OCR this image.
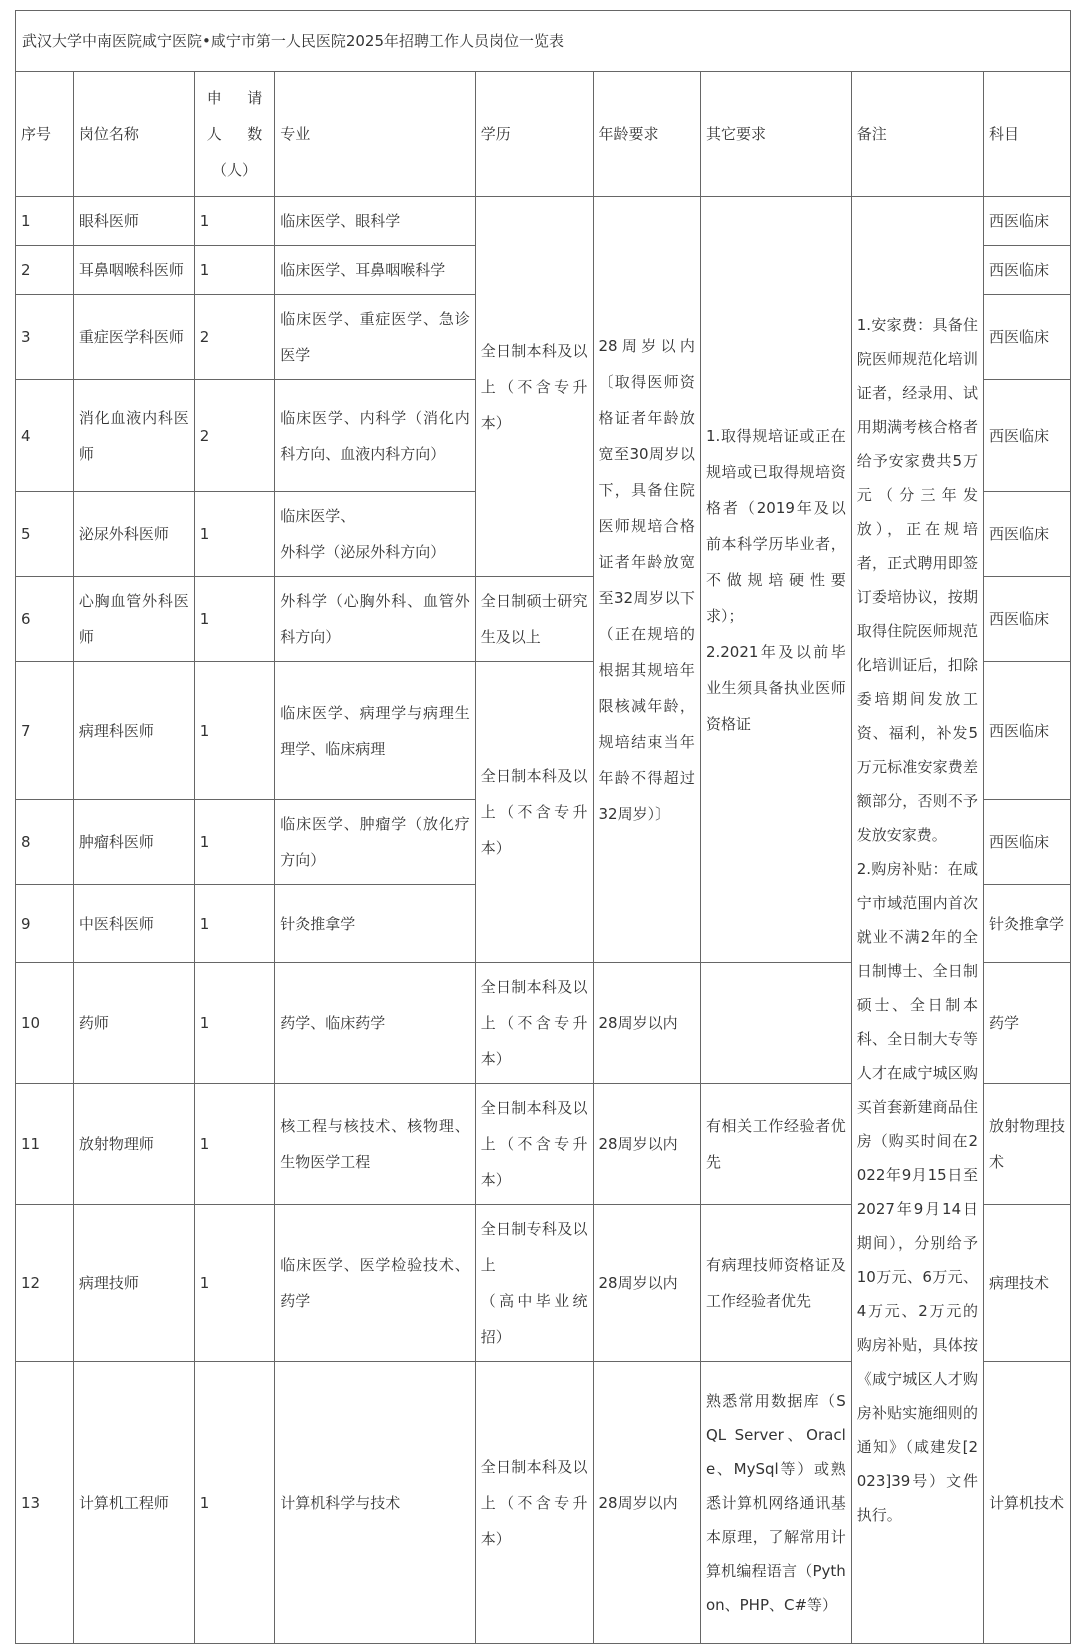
武汉大学中南医院咸宁医院•咸宁市第一人民医院2025年招聘工作人员岗位一览表								
序号	岗位名称	申请
人 数
（人）	专业	学历	年龄要求	其它要求	备注	科目
1	眼科医师	1	临床医学、眼科学	全日制本科及以上（不含专升本）	28周岁以内〔取得医师资格证者年龄放宽至30周岁以下，具备住院医师规培合格证者年龄放宽至32周岁以下（正在规培的根据其规培年限核减年龄，规培结束当年年龄不得超过32周岁）〕	1.取得规培证或正在规培或已取得规培资格者（2019年及以前本科学历毕业者，不做规培硬性要求）；
2.2021年及以前毕业生须具备执业医师资格证	1.安家费：具备住院医师规范化培训证者，经录用、试用期满考核合格者给予安家费共5万元（分三年发放），正在规培者，正式聘用即签订委培协议，按期取得住院医师规范化培训证后，扣除委培期间发放工资、福利，补发5万元标准安家费差额部分，否则不予发放安家费。
2.购房补贴：在咸宁市域范围内首次就业不满2年的全日制博士、全日制硕士、全日制本科、全日制大专等人才在咸宁城区购买首套新建商品住房（购买时间在2022年9月15日至2027年9月14日期间），分别给予10万元、6万元、4万元、2万元的购房补贴，具体按《咸宁城区人才购房补贴实施细则的通知》（咸建发[2023]39号）文件执行。	西医临床
2	耳鼻咽喉科医师	1	临床医学、耳鼻咽喉科学					西医临床
3	重症医学科医师	2	临床医学、重症医学、急诊医学					西医临床
4	消化血液内科医师	2	临床医学、内科学（消化内科方向、血液内科方向）					西医临床
5	泌尿外科医师	1	临床医学、
外科学（泌尿外科方向）					西医临床
6	心胸血管外科医师	1	外科学（心胸外科、血管外科方向）	全日制硕士研究生及以上				西医临床
7	病理科医师	1	临床医学、病理学与病理生理学、临床病理	全日制本科及以上（不含专升本）				西医临床
8	肿瘤科医师	1	临床医学、肿瘤学（放化疗方向）					西医临床
9	中医科医师	1	针灸推拿学					针灸推拿学
10	药师	1	药学、临床药学	全日制本科及以上（不含专升本）	28周岁以内			药学
11	放射物理师	1	核工程与核技术、核物理、生物医学工程	全日制本科及以上（不含专升本）	28周岁以内	有相关工作经验者优先		放射物理技术
12	病理技师	1	临床医学、医学检验技术、药学	全日制专科及以上
（高中毕业统招）	28周岁以内	有病理技师资格证及工作经验者优先		病理技术
13	计算机工程师	1	计算机科学与技术	全日制本科及以上（不含专升本）	28周岁以内	熟悉常用数据库（SQL Server、Oracle、MySql等）或熟悉计算机网络通讯基本原理，了解常用计算机编程语言（Python、PHP、C#等）		计算机技术
